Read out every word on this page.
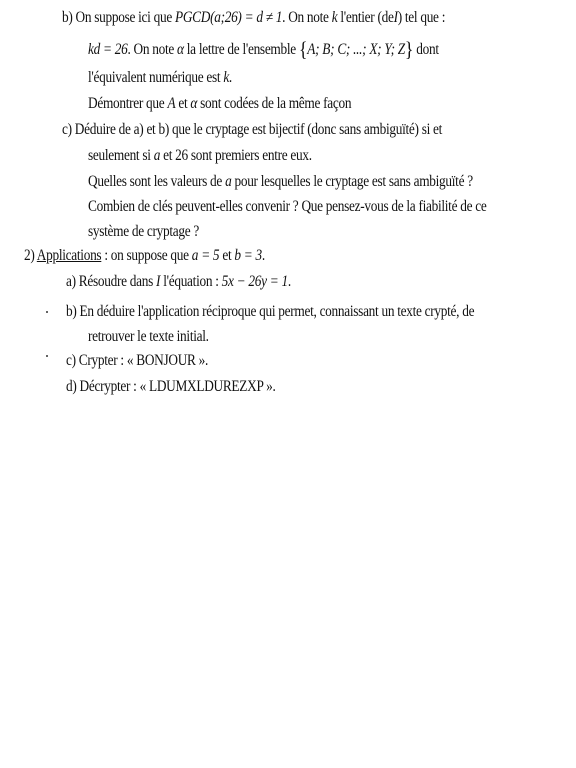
b) On suppose ici que PGCD(a;26) = d ≠ 1. On note k l'entier (deI) tel que :
kd = 26. On note α la lettre de l'ensemble {A; B; C; ...; X; Y; Z} dont
l'équivalent numérique est k.
Démontrer que A et α sont codées de la même façon
c) Déduire de a) et b) que le cryptage est bijectif (donc sans ambiguïté) si et
seulement si a et 26 sont premiers entre eux.
Quelles sont les valeurs de a pour lesquelles le cryptage est sans ambiguïté ?
Combien de clés peuvent-elles convenir ? Que pensez-vous de la fiabilité de ce
système de cryptage ?
2) Applications : on suppose que a = 5 et b = 3.
a) Résoudre dans I l'équation : 5x − 26y = 1.
b) En déduire l'application réciproque qui permet, connaissant un texte crypté, de
retrouver le texte initial.
c) Crypter : « BONJOUR ».
d) Décrypter : « LDUMXLDUREZXP ».
